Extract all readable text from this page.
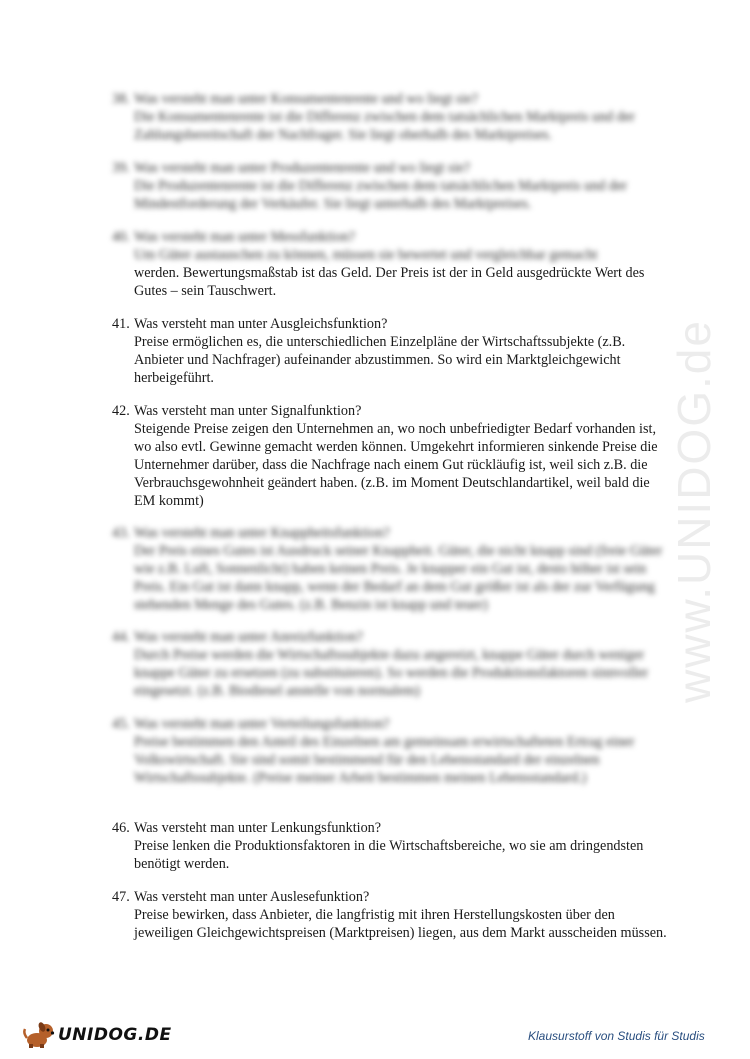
38. Was versteht man unter Konsumentenrente und wo liegt sie?
Die Konsumentenrente ist die Differenz zwischen dem tatsächlichen Marktpreis und der Zahlungsbereitschaft der Nachfrager. Sie liegt oberhalb des Marktpreises.
39. Was versteht man unter Produzentenrente und wo liegt sie?
Die Produzentenrente ist die Differenz zwischen dem tatsächlichen Marktpreis und der Mindestforderung der Verkäufer. Sie liegt unterhalb des Marktpreises.
40. Was versteht man unter Messfunktion?
Um Güter austauschen zu können, müssen sie bewertet und vergleichbar gemacht
werden. Bewertungsmaßstab ist das Geld. Der Preis ist der in Geld ausgedrückte Wert des Gutes – sein Tauschwert.
41. Was versteht man unter Ausgleichsfunktion?
Preise ermöglichen es, die unterschiedlichen Einzelpläne der Wirtschaftssubjekte (z.B. Anbieter und Nachfrager) aufeinander abzustimmen. So wird ein Marktgleichgewicht herbeigeführt.
42. Was versteht man unter Signalfunktion?
Steigende Preise zeigen den Unternehmen an, wo noch unbefriedigter Bedarf vorhanden ist, wo also evtl. Gewinne gemacht werden können. Umgekehrt informieren sinkende Preise die Unternehmer darüber, dass die Nachfrage nach einem Gut rückläufig ist, weil sich z.B. die Verbrauchsgewohnheit geändert haben. (z.B. im Moment Deutschlandartikel, weil bald die EM kommt)
43. Was versteht man unter Knappheitsfunktion?
Der Preis eines Gutes ist Ausdruck seiner Knappheit. Güter, die nicht knapp sind (freie Güter wie z.B. Luft, Sonnenlicht) haben keinen Preis. Je knapper ein Gut ist, desto höher ist sein Preis. Ein Gut ist dann knapp, wenn der Bedarf an dem Gut größer ist als der zur Verfügung stehenden Menge des Gutes. (z.B. Benzin ist knapp und teuer)
44. Was versteht man unter Anreizfunktion?
Durch Preise werden die Wirtschaftssubjekte dazu angereizt, knappe Güter durch weniger knappe Güter zu ersetzen (zu substituieren). So werden die Produktionsfaktoren sinnvoller eingesetzt. (z.B. Biodiesel anstelle von normalem)
45. Was versteht man unter Verteilungsfunktion?
Preise bestimmen den Anteil des Einzelnen am gemeinsam erwirtschafteten Ertrag einer Volkswirtschaft. Sie sind somit bestimmend für den Lebensstandard der einzelnen Wirtschaftssubjekte. (Preise meiner Arbeit bestimmen meinen Lebensstandard.)
46. Was versteht man unter Lenkungsfunktion?
Preise lenken die Produktionsfaktoren in die Wirtschaftsbereiche, wo sie am dringendsten benötigt werden.
47. Was versteht man unter Auslesefunktion?
Preise bewirken, dass Anbieter, die langfristig mit ihren Herstellungskosten über den jeweiligen Gleichgewichtspreisen (Marktpreisen) liegen, aus dem Markt ausscheiden müssen.
www.UNIDOG.de
UNIDOG.DE	Klausurstoff von Studis für Studis
